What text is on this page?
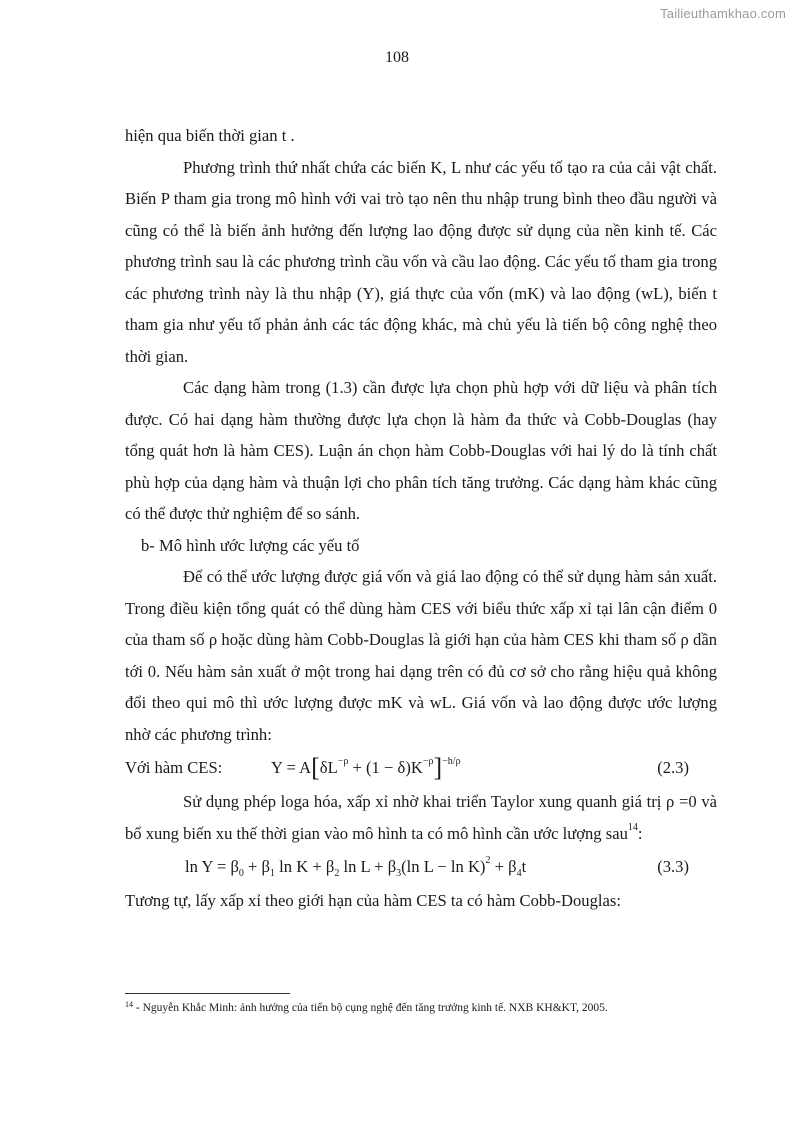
Tailieuthamkhao.com
108

hiện qua biến thời gian t .

Phương trình thứ nhất chứa các biến K, L như các yếu tố tạo ra của cải vật chất. Biến P tham gia trong mô hình với vai trò tạo nên thu nhập trung bình theo đầu người và cũng có thể là biến ảnh hưởng đến lượng lao động được sử dụng của nền kinh tế. Các phương trình sau là các phương trình cầu vốn và cầu lao động. Các yếu tố tham gia trong các phương trình này là thu nhập (Y), giá thực của vốn (mK) và lao động (wL), biến t tham gia như yếu tố phản ảnh các tác động khác, mà chủ yếu là tiến bộ công nghệ theo thời gian.

Các dạng hàm trong (1.3) cần được lựa chọn phù hợp với dữ liệu và phân tích được. Có hai dạng hàm thường được lựa chọn là hàm đa thức và Cobb-Douglas (hay tổng quát hơn là hàm CES). Luận án chọn hàm Cobb-Douglas với hai lý do là tính chất phù hợp của dạng hàm và thuận lợi cho phân tích tăng trưởng. Các dạng hàm khác cũng có thể được thử nghiệm để so sánh.

b- Mô hình ước lượng các yếu tố

Để có thể ước lượng được giá vốn và giá lao động có thể sử dụng hàm sản xuất. Trong điều kiện tổng quát có thể dùng hàm CES với biểu thức xấp xỉ tại lân cận điểm 0 của tham số ρ hoặc dùng hàm Cobb-Douglas là giới hạn của hàm CES khi tham số ρ dần tới 0. Nếu hàm sản xuất ở một trong hai dạng trên có đủ cơ sở cho rằng hiệu quả không đổi theo qui mô thì ước lượng được mK và wL. Giá vốn và lao động được ước lượng nhờ các phương trình:

Với hàm CES:	$Y = A[\delta L^{-\rho} + (1 - \delta)K^{-\rho}]^{-h/\rho}$	(2.3)

Sử dụng phép loga hóa, xấp xỉ nhờ khai triển Taylor xung quanh giá trị ρ =0 và bổ xung biến xu thế thời gian vào mô hình ta có mô hình cần ước lượng sau$^{14}$:

$\ln Y = \beta_0 + \beta_1$ $\ln K + \beta_2$ $\ln L + \beta_3(\ln$ $L - \ln K)^2 + \beta_4t$	(3.3)

Tương tự, lấy xấp xỉ theo giới hạn của hàm CES ta có hàm Cobb-Douglas:

$^{14}$ - Nguyễn Khắc Minh: ảnh hưởng của tiến bộ cụng nghệ đến tăng trưởng kinh tế. NXB KH&KT, 2005.
